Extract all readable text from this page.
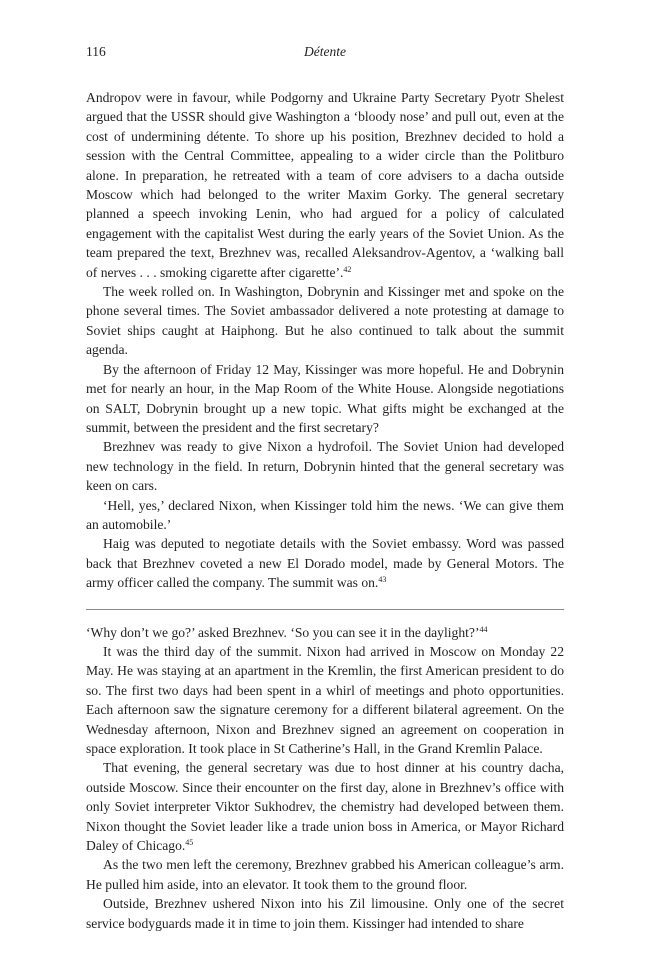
116	Détente

Andropov were in favour, while Podgorny and Ukraine Party Secretary Pyotr Shelest argued that the USSR should give Washington a ‘bloody nose’ and pull out, even at the cost of undermining détente. To shore up his position, Brezhnev decided to hold a session with the Central Committee, appealing to a wider circle than the Politburo alone. In preparation, he retreated with a team of core advisers to a dacha outside Moscow which had belonged to the writer Maxim Gorky. The general secretary planned a speech invoking Lenin, who had argued for a policy of calculated engagement with the capitalist West during the early years of the Soviet Union. As the team prepared the text, Brezhnev was, recalled Aleksandrov-Agentov, a ‘walking ball of nerves . . . smoking cigarette after cigarette’.$^{42}$

The week rolled on. In Washington, Dobrynin and Kissinger met and spoke on the phone several times. The Soviet ambassador delivered a note protesting at damage to Soviet ships caught at Haiphong. But he also continued to talk about the summit agenda.

By the afternoon of Friday 12 May, Kissinger was more hopeful. He and Dobrynin met for nearly an hour, in the Map Room of the White House. Alongside negotiations on SALT, Dobrynin brought up a new topic. What gifts might be exchanged at the summit, between the president and the first secretary?

Brezhnev was ready to give Nixon a hydrofoil. The Soviet Union had developed new technology in the field. In return, Dobrynin hinted that the general secretary was keen on cars.

‘Hell, yes,’ declared Nixon, when Kissinger told him the news. ‘We can give them an automobile.’

Haig was deputed to negotiate details with the Soviet embassy. Word was passed back that Brezhnev coveted a new El Dorado model, made by General Motors. The army officer called the company. The summit was on.$^{43}$

‘Why don’t we go?’ asked Brezhnev. ‘So you can see it in the daylight?’$^{44}$

It was the third day of the summit. Nixon had arrived in Moscow on Monday 22 May. He was staying at an apartment in the Kremlin, the first American president to do so. The first two days had been spent in a whirl of meetings and photo opportunities. Each afternoon saw the signature ceremony for a different bilateral agreement. On the Wednesday afternoon, Nixon and Brezhnev signed an agreement on cooperation in space exploration. It took place in St Catherine’s Hall, in the Grand Kremlin Palace.

That evening, the general secretary was due to host dinner at his country dacha, outside Moscow. Since their encounter on the first day, alone in Brezhnev’s office with only Soviet interpreter Viktor Sukhodrev, the chemistry had developed between them. Nixon thought the Soviet leader like a trade union boss in America, or Mayor Richard Daley of Chicago.$^{45}$

As the two men left the ceremony, Brezhnev grabbed his American colleague’s arm. He pulled him aside, into an elevator. It took them to the ground floor.

Outside, Brezhnev ushered Nixon into his Zil limousine. Only one of the secret service bodyguards made it in time to join them. Kissinger had intended to share
